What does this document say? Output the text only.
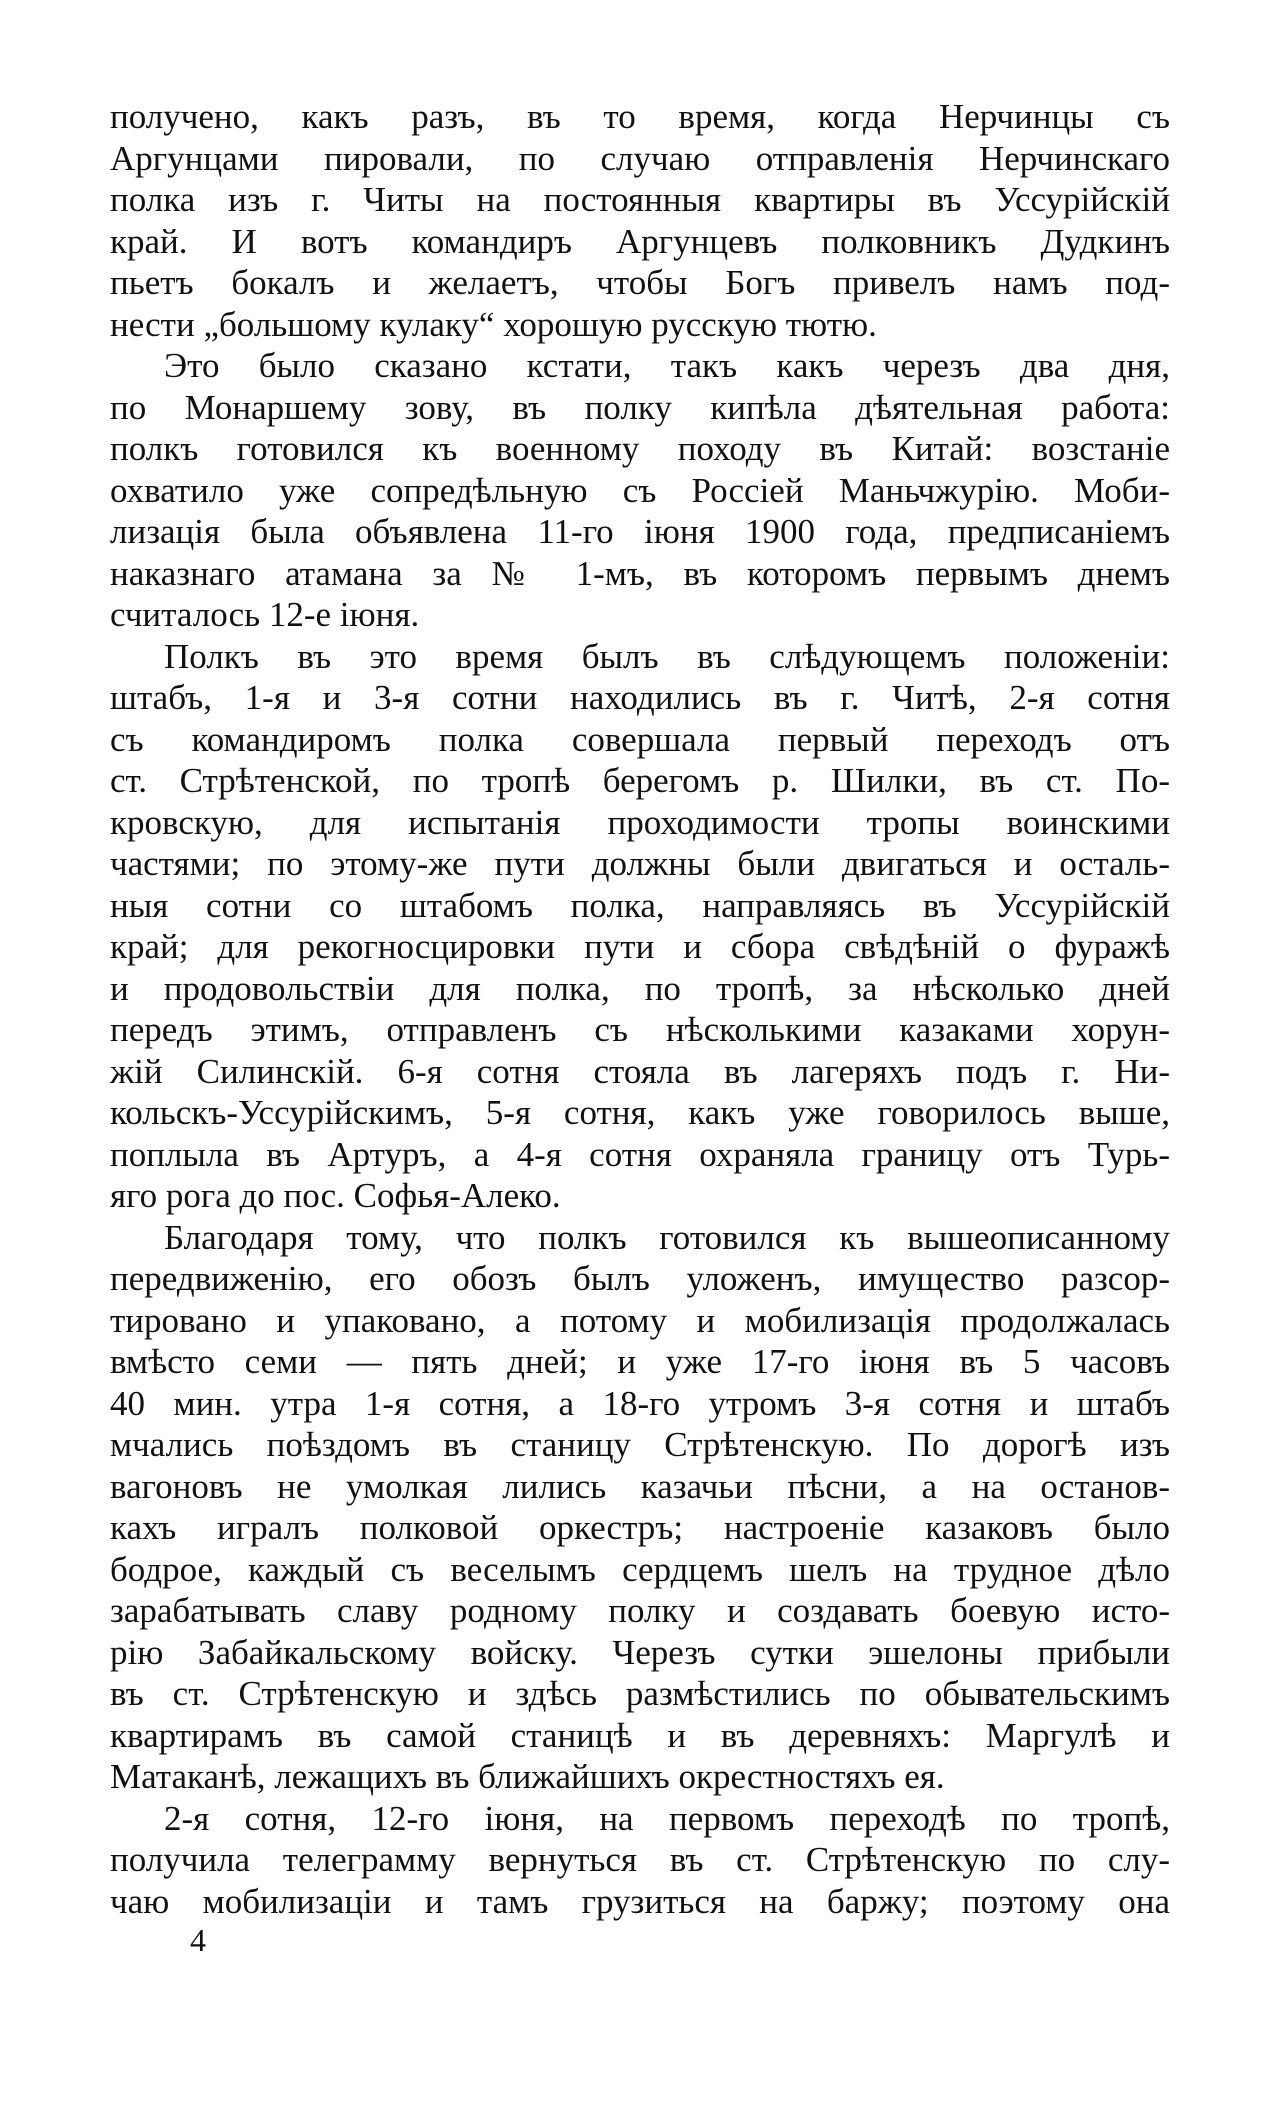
получено, какъ разъ, въ то время, когда Нерчинцы съ
Аргунцами пировали, по случаю отправленія Нерчинскаго
полка изъ г. Читы на постоянныя квартиры въ Уссурійскій
край. И вотъ командиръ Аргунцевъ полковникъ Дудкинъ
пьетъ бокалъ и желаетъ, чтобы Богъ привелъ намъ под-
нести „большому кулаку“ хорошую русскую тютю.
Это было сказано кстати, такъ какъ черезъ два дня,
по Монаршему зову, въ полку кипѣла дѣятельная работа:
полкъ готовился къ военному походу въ Китай: возстаніе
охватило уже сопредѣльную съ Россіей Маньчжурію. Моби-
лизація была объявлена 11-го іюня 1900 года, предписаніемъ
наказнаго атамана за № 1-мъ, въ которомъ первымъ днемъ
считалось 12-е іюня.
Полкъ въ это время былъ въ слѣдующемъ положеніи:
штабъ, 1-я и 3-я сотни находились въ г. Читѣ, 2-я сотня
съ командиромъ полка совершала первый переходъ отъ
ст. Стрѣтенской, по тропѣ берегомъ р. Шилки, въ ст. По-
кровскую, для испытанія проходимости тропы воинскими
частями; по этому-же пути должны были двигаться и осталь-
ныя сотни со штабомъ полка, направляясь въ Уссурійскій
край; для рекогносцировки пути и сбора свѣдѣній о фуражѣ
и продовольствіи для полка, по тропѣ, за нѣсколько дней
передъ этимъ, отправленъ съ нѣсколькими казаками хорун-
жій Силинскій. 6-я сотня стояла въ лагеряхъ подъ г. Ни-
кольскъ-Уссурійскимъ, 5-я сотня, какъ уже говорилось выше,
поплыла въ Артуръ, а 4-я сотня охраняла границу отъ Турь-
яго рога до пос. Софья-Алеко.
Благодаря тому, что полкъ готовился къ вышеописанному
передвиженію, его обозъ былъ уложенъ, имущество разсор-
тировано и упаковано, а потому и мобилизація продолжалась
вмѣсто семи — пять дней; и уже 17-го іюня въ 5 часовъ
40 мин. утра 1-я сотня, а 18-го утромъ 3-я сотня и штабъ
мчались поѣздомъ въ станицу Стрѣтенскую. По дорогѣ изъ
вагоновъ не умолкая лились казачьи пѣсни, а на останов-
кахъ игралъ полковой оркестръ; настроеніе казаковъ было
бодрое, каждый съ веселымъ сердцемъ шелъ на трудное дѣло
зарабатывать славу родному полку и создавать боевую исто-
рію Забайкальскому войску. Черезъ сутки эшелоны прибыли
въ ст. Стрѣтенскую и здѣсь размѣстились по обывательскимъ
квартирамъ въ самой станицѣ и въ деревняхъ: Маргулѣ и
Матаканѣ, лежащихъ въ ближайшихъ окрестностяхъ ея.
2-я сотня, 12-го іюня, на первомъ переходѣ по тропѣ,
получила телеграмму вернуться въ ст. Стрѣтенскую по слу-
чаю мобилизаціи и тамъ грузиться на баржу; поэтому она
4
